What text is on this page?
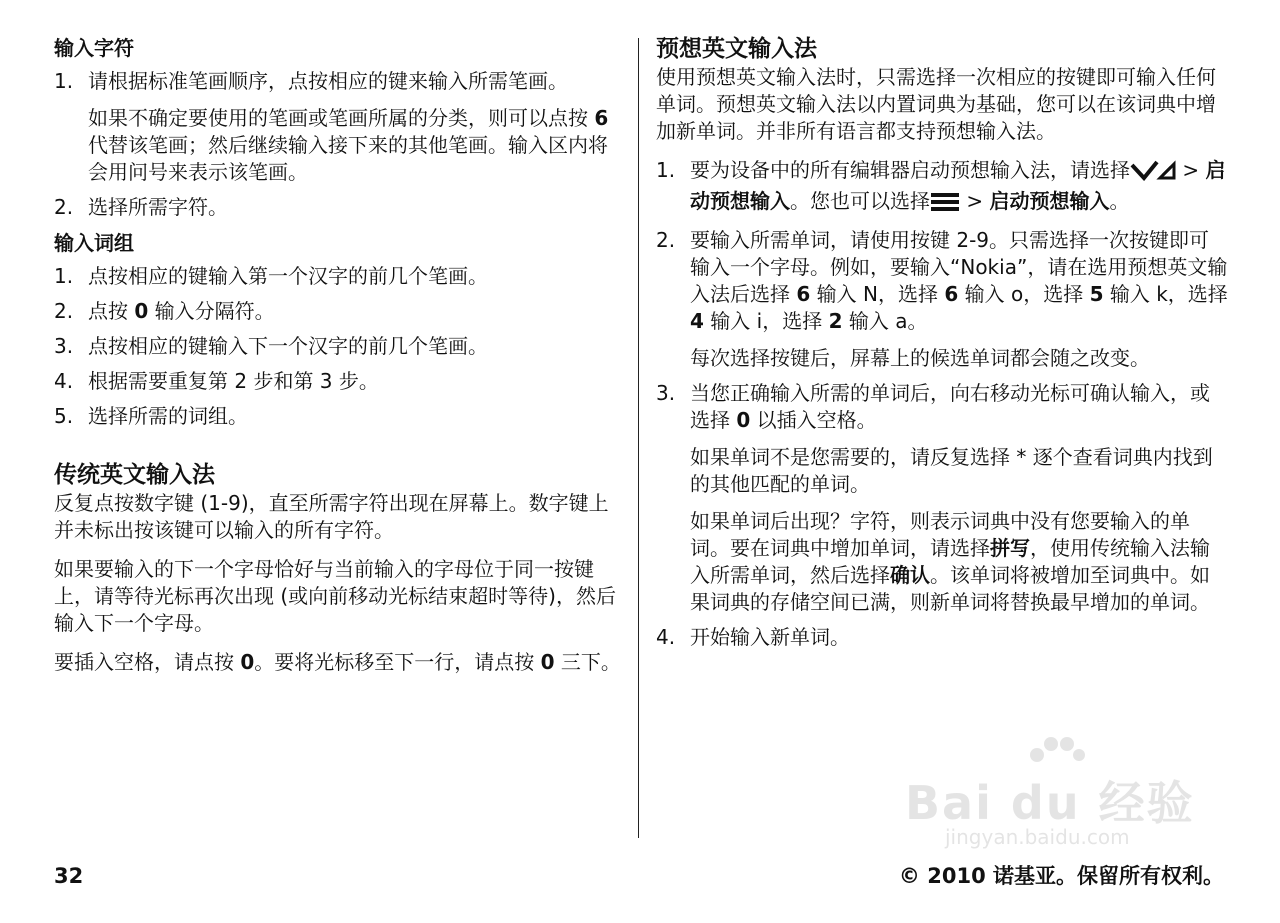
输入字符
1. 请根据标准笔画顺序，点按相应的键来输入所需笔画。
如果不确定要使用的笔画或笔画所属的分类，则可以点按 6 代替该笔画；然后继续输入接下来的其他笔画。输入区内将会用问号来表示该笔画。
2. 选择所需字符。
输入词组
1. 点按相应的键输入第一个汉字的前几个笔画。
2. 点按 0 输入分隔符。
3. 点按相应的键输入下一个汉字的前几个笔画。
4. 根据需要重复第 2 步和第 3 步。
5. 选择所需的词组。
传统英文输入法

反复点按数字键 (1-9)，直至所需字符出现在屏幕上。数字键上并未标出按该键可以输入的所有字符。

如果要输入的下一个字母恰好与当前输入的字母位于同一按键上，请等待光标再次出现 (或向前移动光标结束超时等待)，然后输入下一个字母。

要插入空格，请点按 0。要将光标移至下一行，请点按 0 三下。

预想英文输入法

使用预想英文输入法时，只需选择一次相应的按键即可输入任何单词。预想英文输入法以内置词典为基础，您可以在该词典中增加新单词。并非所有语言都支持预想输入法。

1. 要为设备中的所有编辑器启动预想输入法，请选择 > 启动预想输入。您也可以选择 > 启动预想输入。
2. 要输入所需单词，请使用按键 2-9。只需选择一次按键即可输入一个字母。例如，要输入“Nokia”，请在选用预想英文输入法后选择 6 输入 N，选择 6 输入 o，选择 5 输入 k，选择 4 输入 i，选择 2 输入 a。
每次选择按键后，屏幕上的候选单词都会随之改变。
3. 当您正确输入所需的单词后，向右移动光标可确认输入，或选择 0 以插入空格。
如果单词不是您需要的，请反复选择 * 逐个查看词典内找到的其他匹配的单词。
如果单词后出现？字符，则表示词典中没有您要输入的单词。要在词典中增加单词，请选择拼写，使用传统输入法输入所需单词，然后选择确认。该单词将被增加至词典中。如果词典的存储空间已满，则新单词将替换最早增加的单词。
4. 开始输入新单词。
Bai du 经验
jingyan.baidu.com
32	© 2010 诺基亚。保留所有权利。
